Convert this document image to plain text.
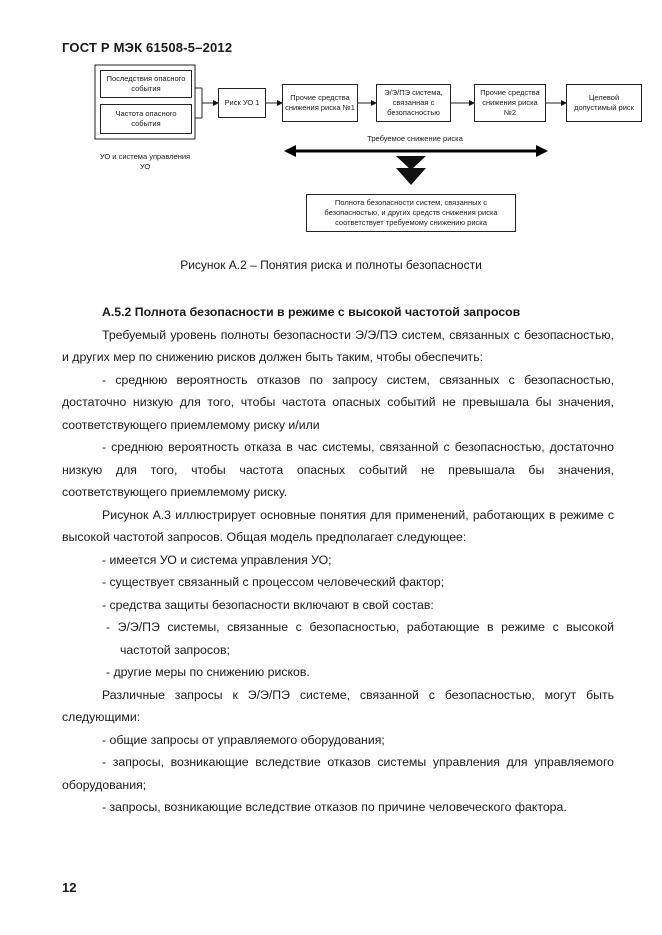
ГОСТ Р МЭК 61508-5–2012
Последствия опасного события
Частота опасного события
УО и система управления УО
Риск УО 1
Прочие средства снижения риска №1
Э/Э/ПЭ система, связанная с безопасностью
Прочие средства снижения риска №2
Целевой допустимый риск
Требуемое снижение риска
Полнота безопасности систем, связанных с безопасностью, и других средств снижения риска соответствует требуемому снижению риска
Рисунок А.2 – Понятия риска и полноты безопасности
А.5.2 Полнота безопасности в режиме с высокой частотой запросов
Требуемый уровень полноты безопасности Э/Э/ПЭ систем, связанных с безопасностью, и других мер по снижению рисков должен быть таким, чтобы обеспечить:
- среднюю вероятность отказов по запросу систем, связанных с безопасностью, достаточно низкую для того, чтобы частота опасных событий не превышала бы значения, соответствующего приемлемому риску и/или
- среднюю вероятность отказа в час системы, связанной с безопасностью, достаточно низкую для того, чтобы частота опасных событий не превышала бы значения, соответствующего приемлемому риску.
Рисунок А.3 иллюстрирует основные понятия для применений, работающих в режиме с высокой частотой запросов. Общая модель предполагает следующее:
- имеется УО и система управления УО;
- существует связанный с процессом человеческий фактор;
- средства защиты безопасности включают в свой состав:
- Э/Э/ПЭ системы, связанные с безопасностью, работающие в режиме с высокой частотой запросов;
- другие меры по снижению рисков.
Различные запросы к Э/Э/ПЭ системе, связанной с безопасностью, могут быть следующими:
- общие запросы от управляемого оборудования;
- запросы, возникающие вследствие отказов системы управления для управляемого оборудования;
- запросы, возникающие вследствие отказов по причине человеческого фактора.
12
